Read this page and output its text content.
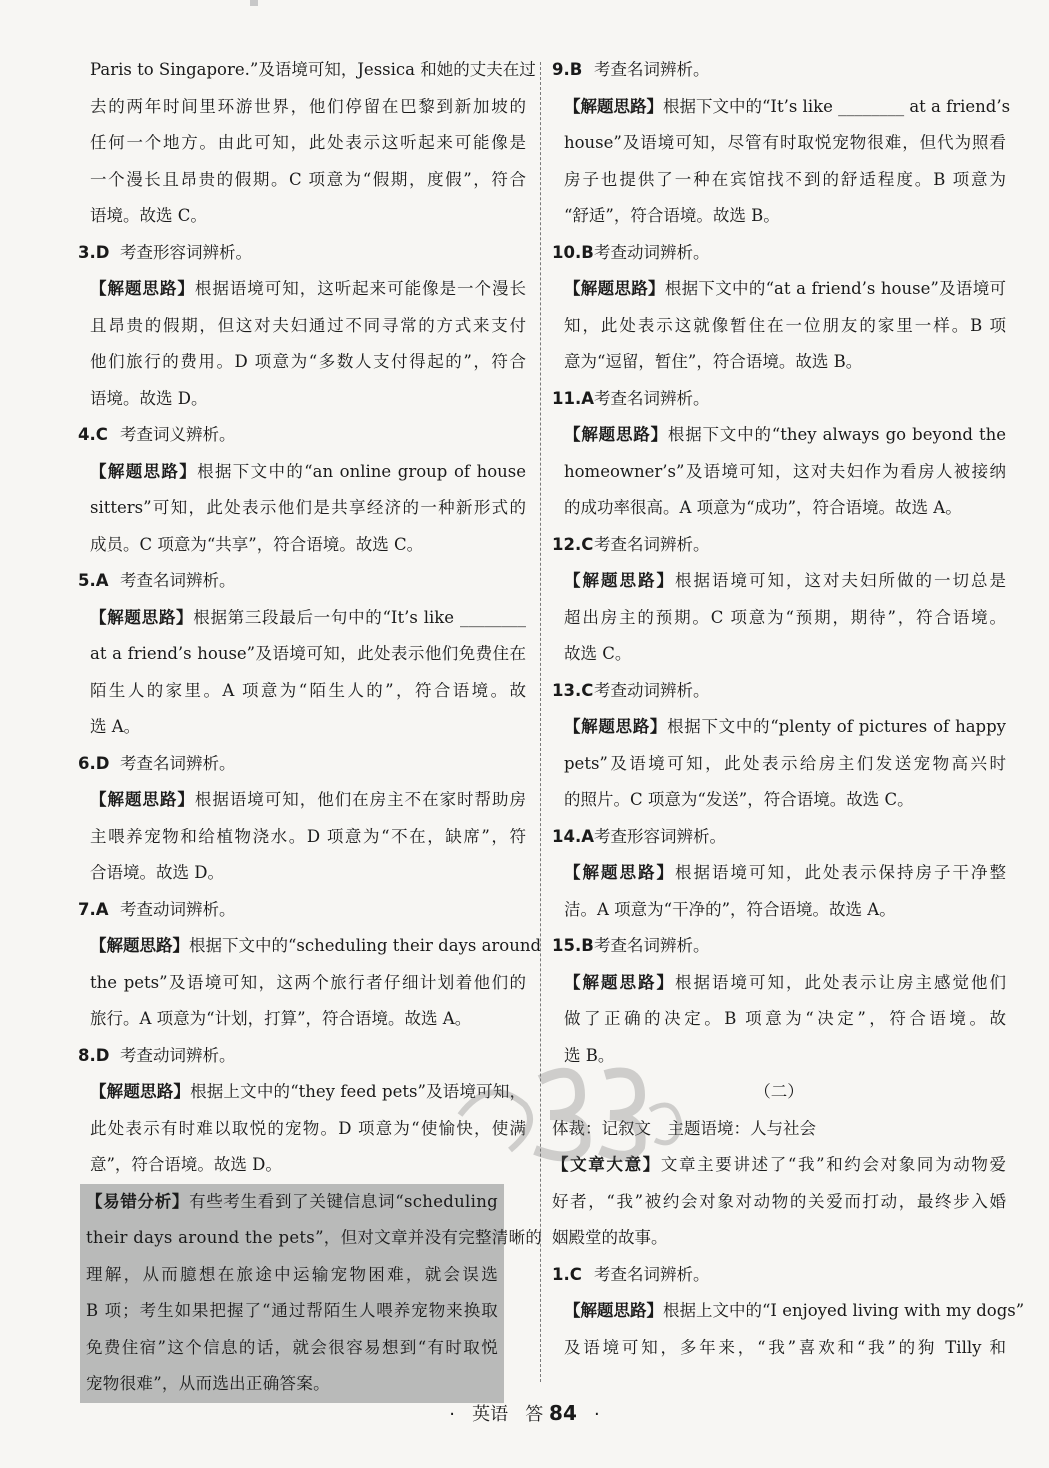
Paris to Singapore.”及语境可知，Jessica 和她的丈夫在过
去的两年时间里环游世界，他们停留在巴黎到新加坡的
任何一个地方。由此可知，此处表示这听起来可能像是
一个漫长且昂贵的假期。C 项意为“假期，度假”，符合
语境。故选 C。
3.D 考查形容词辨析。
【解题思路】根据语境可知，这听起来可能像是一个漫长
且昂贵的假期，但这对夫妇通过不同寻常的方式来支付
他们旅行的费用。D 项意为“多数人支付得起的”，符合
语境。故选 D。
4.C 考查词义辨析。
【解题思路】根据下文中的“an online group of house
sitters”可知，此处表示他们是共享经济的一种新形式的
成员。C 项意为“共享”，符合语境。故选 C。
5.A 考查名词辨析。
【解题思路】根据第三段最后一句中的“It’s like ________
at a friend’s house”及语境可知，此处表示他们免费住在
陌生人的家里。A 项意为“陌生人的”，符合语境。故
选 A。
6.D 考查名词辨析。
【解题思路】根据语境可知，他们在房主不在家时帮助房
主喂养宠物和给植物浇水。D 项意为“不在，缺席”，符
合语境。故选 D。
7.A 考查动词辨析。
【解题思路】根据下文中的“scheduling their days around
the pets”及语境可知，这两个旅行者仔细计划着他们的
旅行。A 项意为“计划，打算”，符合语境。故选 A。
8.D 考查动词辨析。
【解题思路】根据上文中的“they feed pets”及语境可知，
此处表示有时难以取悦的宠物。D 项意为“使愉快，使满
意”，符合语境。故选 D。
【易错分析】有些考生看到了关键信息词“scheduling
their days around the pets”，但对文章并没有完整清晰的
理解，从而臆想在旅途中运输宠物困难，就会误选
B 项；考生如果把握了“通过帮陌生人喂养宠物来换取
免费住宿”这个信息的话，就会很容易想到“有时取悦
宠物很难”，从而选出正确答案。
9.B 考查名词辨析。
【解题思路】根据下文中的“It’s like ________ at a friend’s
house”及语境可知，尽管有时取悦宠物很难，但代为照看
房子也提供了一种在宾馆找不到的舒适程度。B 项意为
“舒适”，符合语境。故选 B。
10.B考查动词辨析。
【解题思路】根据下文中的“at a friend’s house”及语境可
知，此处表示这就像暂住在一位朋友的家里一样。B 项
意为“逗留，暂住”，符合语境。故选 B。
11.A考查名词辨析。
【解题思路】根据下文中的“they always go beyond the
homeowner’s”及语境可知，这对夫妇作为看房人被接纳
的成功率很高。A 项意为“成功”，符合语境。故选 A。
12.C考查名词辨析。
【解题思路】根据语境可知，这对夫妇所做的一切总是
超出房主的预期。C 项意为“预期，期待”，符合语境。
故选 C。
13.C考查动词辨析。
【解题思路】根据下文中的“plenty of pictures of happy
pets”及语境可知，此处表示给房主们发送宠物高兴时
的照片。C 项意为“发送”，符合语境。故选 C。
14.A考查形容词辨析。
【解题思路】根据语境可知，此处表示保持房子干净整
洁。A 项意为“干净的”，符合语境。故选 A。
15.B考查名词辨析。
【解题思路】根据语境可知，此处表示让房主感觉他们
做了正确的决定。B 项意为“决定”，符合语境。故
选 B。
（二）
体裁：记叙文　主题语境：人与社会
【文章大意】文章主要讲述了“我”和约会对象同为动物爱
好者，“我”被约会对象对动物的关爱而打动，最终步入婚
姻殿堂的故事。
1.C 考查名词辨析。
【解题思路】根据上文中的“I enjoyed living with my dogs”
及语境可知，多年来，“我”喜欢和“我”的狗 Tilly 和
· 英语 答 84 ·
